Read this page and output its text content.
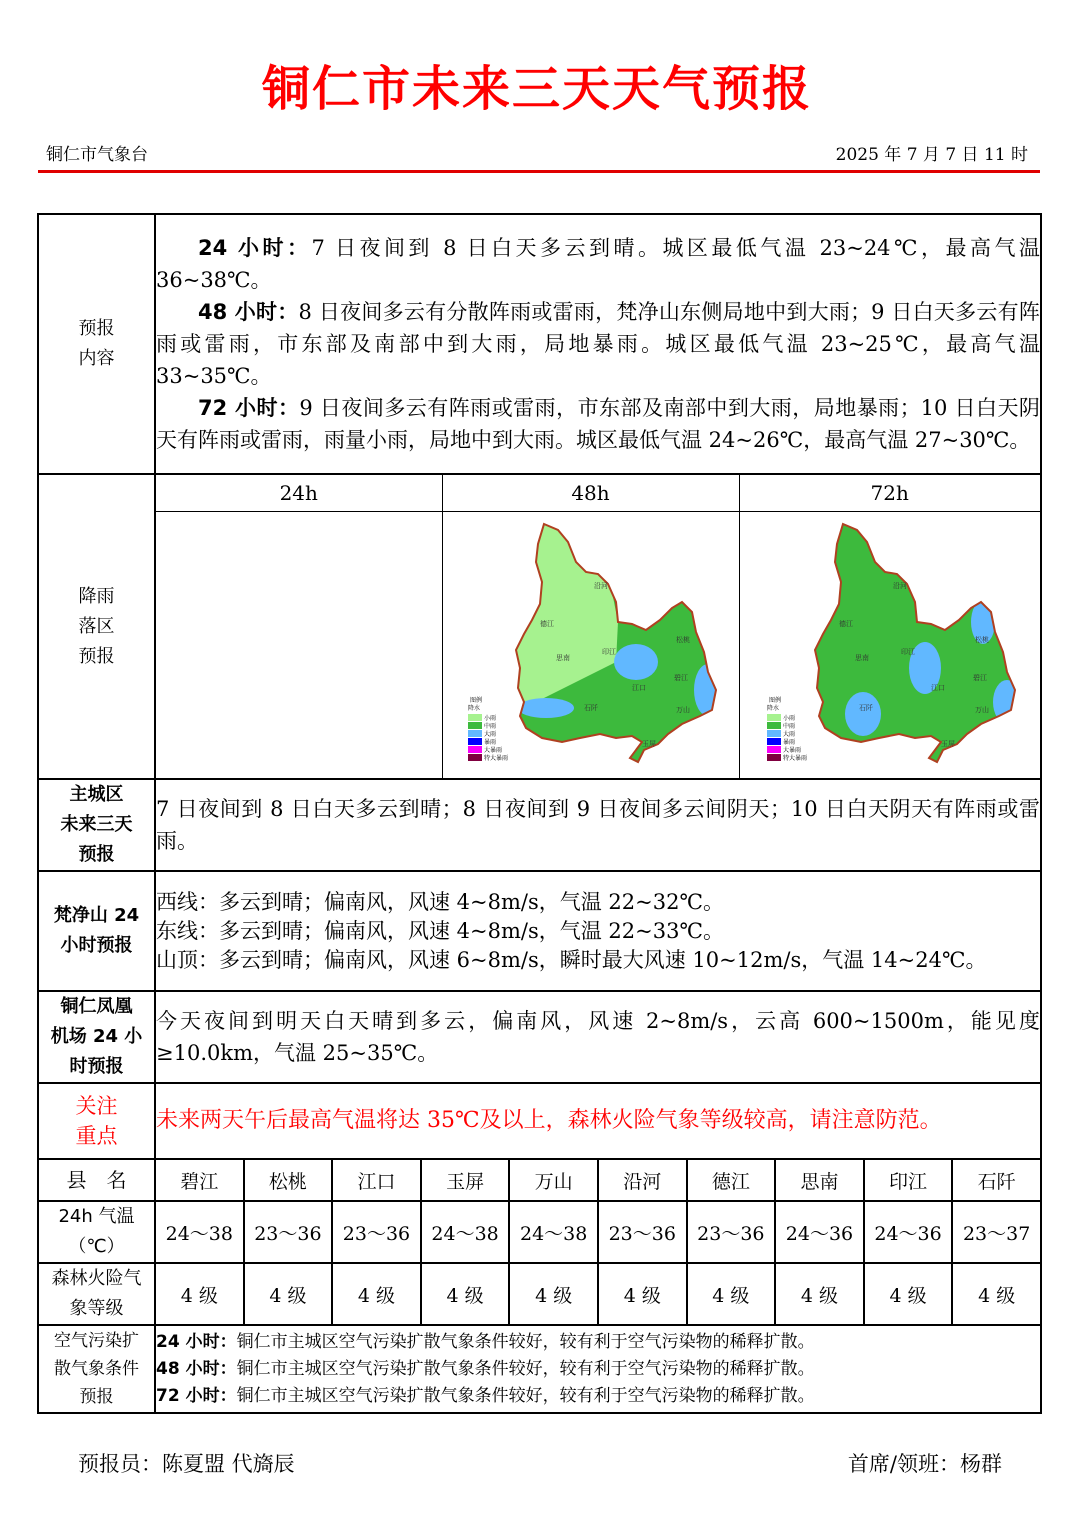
铜仁市未来三天天气预报
铜仁市气象台	2025 年 7 月 7 日 11 时
预报
内容

24 小时：7 日夜间到 8 日白天多云到晴。城区最低气温 23~24℃，最高气温 36~38℃。
48 小时：8 日夜间多云有分散阵雨或雷雨，梵净山东侧局地中到大雨；9 日白天多云有阵雨或雷雨，市东部及南部中到大雨，局地暴雨。城区最低气温 23~25℃，最高气温 33~35℃。
72 小时：9 日夜间多云有阵雨或雷雨，市东部及南部中到大雨，局地暴雨；10 日白天阴天有阵雨或雷雨，雨量小雨，局地中到大雨。城区最低气温 24~26℃，最高气温 27~30℃。

降雨
落区
预报

24h	48h	72h

沿河
德江
思南
印江
松桃
江口
石阡
碧江
万山
玉屏
图例
降水
小雨
中雨
大雨
暴雨
大暴雨
特大暴雨

沿河
德江
思南
印江
松桃
江口
石阡
碧江
万山
玉屏
图例
降水
小雨
中雨
大雨
暴雨
大暴雨
特大暴雨

主城区
未来三天
预报
	7 日夜间到 8 日白天多云到晴；8 日夜间到 9 日夜间多云间阴天；10 日白天阴天有阵雨或雷雨。

梵净山 24
小时预报

西线：多云到晴；偏南风，风速 4~8m/s，气温 22~32℃。
东线：多云到晴；偏南风，风速 4~8m/s，气温 22~33℃。
山顶：多云到晴；偏南风，风速 6~8m/s，瞬时最大风速 10~12m/s，气温 14~24℃。

铜仁凤凰
机场 24 小
时预报
	今天夜间到明天白天晴到多云，偏南风，风速 2~8m/s，云高 600~1500m，能见度≥10.0km，气温 25~35℃。

关注
重点
	未来两天午后最高气温将达 35℃及以上，森林火险气象等级较高，请注意防范。
县　名	碧江	松桃	江口	玉屏	万山	沿河	德江	思南	印江	石阡

24h 气温
（℃）
	24～38	23～36	23～36	24～38	24～38	23～36	23～36	24～36	24～36	23～37

森林火险气
象等级
	4 级	4 级	4 级	4 级	4 级	4 级	4 级	4 级	4 级	4 级

空气污染扩
散气象条件
预报

24 小时：铜仁市主城区空气污染扩散气象条件较好，较有利于空气污染物的稀释扩散。
48 小时：铜仁市主城区空气污染扩散气象条件较好，较有利于空气污染物的稀释扩散。
72 小时：铜仁市主城区空气污染扩散气象条件较好，较有利于空气污染物的稀释扩散。
预报员：陈夏盟 代旖辰	首席/领班：杨群
